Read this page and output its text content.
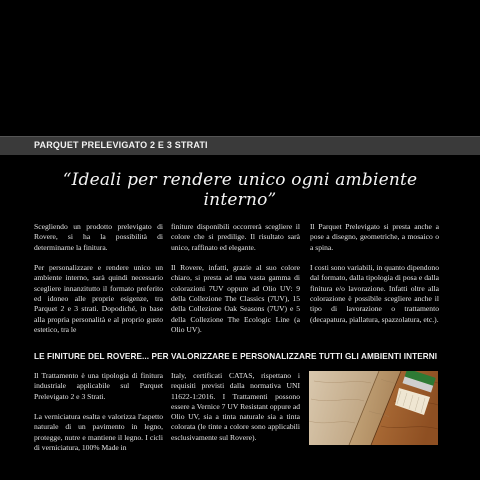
PARQUET PRELEVIGATO 2 E 3 STRATI
“Ideali per rendere unico ogni ambiente interno”

Scegliendo un prodotto prelevigato di Rovere, si ha la possibilità di determinarne la finitura.

Per personalizzare e rendere unico un ambiente interno, sarà quindi necessario scegliere innanzitutto il formato preferito ed idoneo alle proprie esigenze, tra Parquet 2 e 3 strati. Dopodiché, in base alla propria personalità e al proprio gusto estetico, tra le

finiture disponibili occorrerà scegliere il colore che si predilige. Il risultato sarà unico, raffinato ed elegante.

Il Rovere, infatti, grazie al suo colore chiaro, si presta ad una vasta gamma di colorazioni 7UV oppure ad Olio UV: 9 della Collezione The Classics (7UV), 15 della Collezione Oak Seasons (7UV) e 5 della Collezione The Ecologic Line (a Olio UV).

Il Parquet Prelevigato si presta anche a pose a disegno, geometriche, a mosaico o a spina.

I costi sono variabili, in quanto dipendono dal formato, dalla tipologia di posa e dalla finitura e/o lavorazione. Infatti oltre alla colorazione è possibile scegliere anche il tipo di lavorazione o trattamento (decapatura, piallatura, spazzolatura, etc.).

LE FINITURE DEL ROVERE... PER VALORIZZARE E PERSONALIZZARE TUTTI GLI AMBIENTI INTERNI

Il Trattamento è una tipologia di finitura industriale applicabile sul Parquet Prelevigato 2 e 3 Strati.

La verniciatura esalta e valorizza l'aspetto naturale di un pavimento in legno, protegge, nutre e mantiene il legno. I cicli di verniciatura, 100% Made in

Italy, certificati CATAS, rispettano i requisiti previsti dalla normativa UNI 11622-1:2016. I Trattamenti possono essere a Vernice 7 UV Resistant oppure ad Olio UV, sia a tinta naturale sia a tinta colorata (le tinte a colore sono applicabili esclusivamente sul Rovere).
